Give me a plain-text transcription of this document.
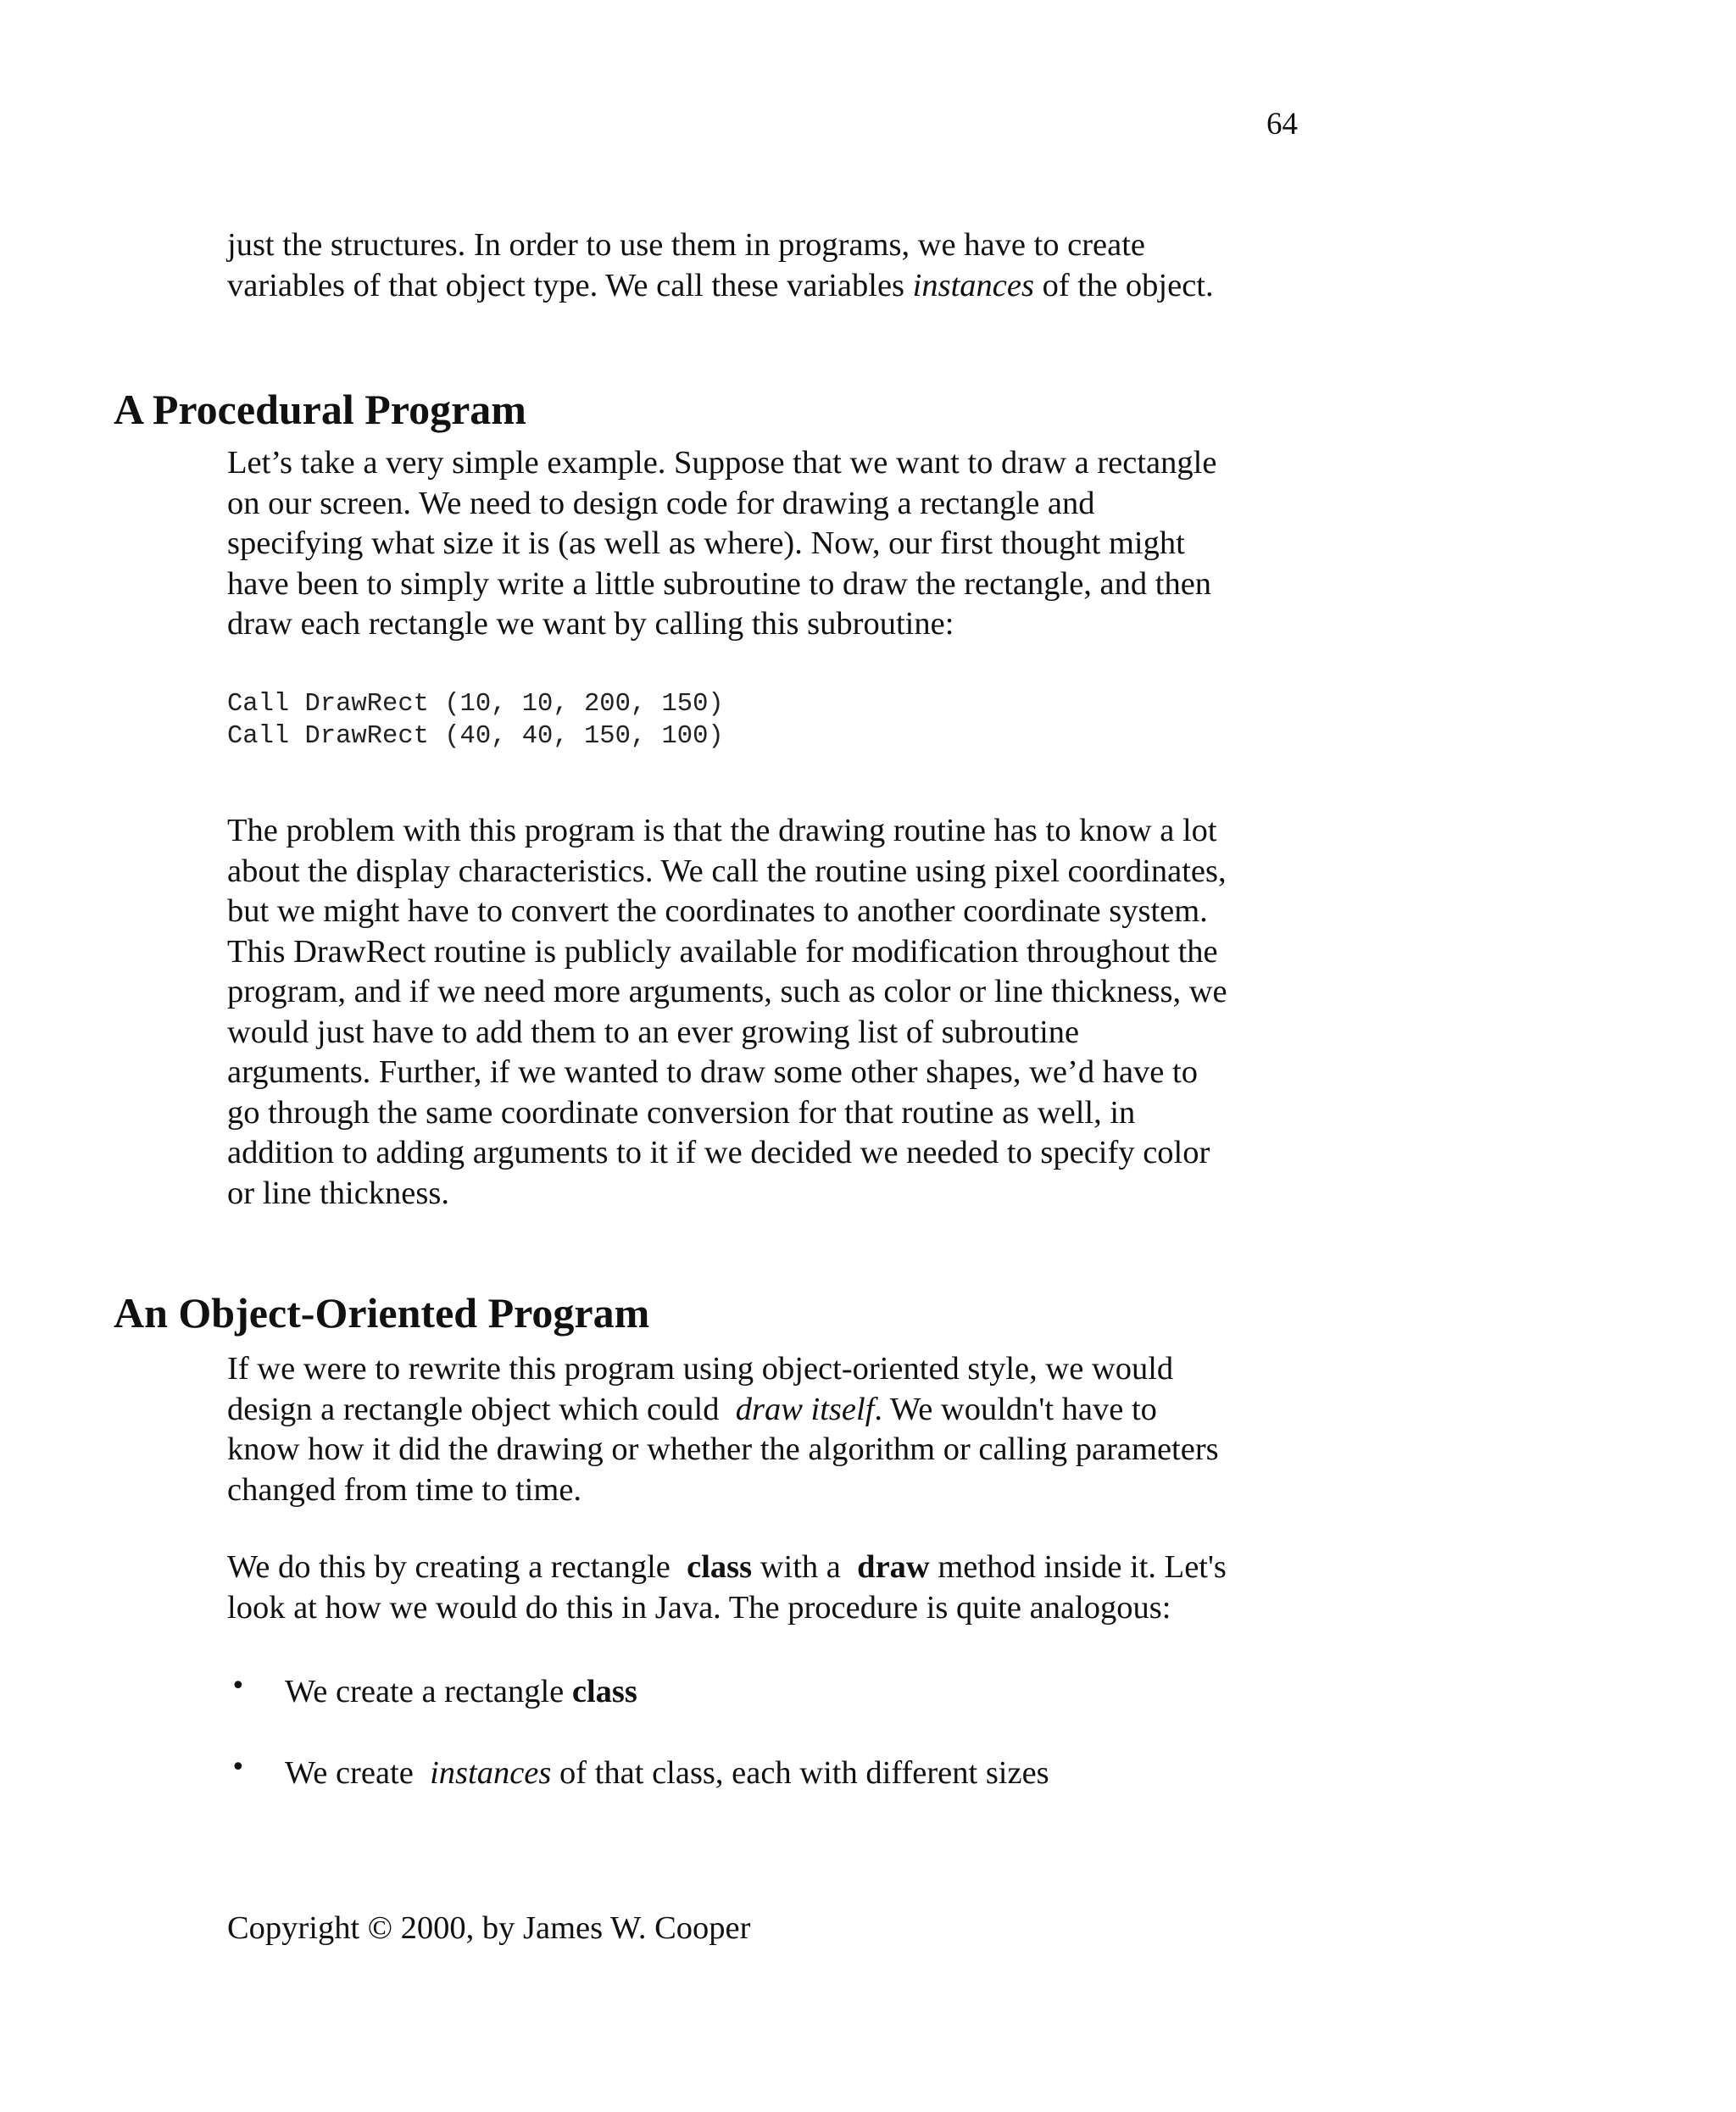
64

just the structures. In order to use them in programs, we have to create
variables of that object type. We call these variables instances of the object.

A Procedural Program

Let’s take a very simple example. Suppose that we want to draw a rectangle
on our screen. We need to design code for drawing a rectangle and
specifying what size it is (as well as where). Now, our first thought might
have been to simply write a little subroutine to draw the rectangle, and then
draw each rectangle we want by calling this subroutine:

Call DrawRect (10, 10, 200, 150)
Call DrawRect (40, 40, 150, 100)

The problem with this program is that the drawing routine has to know a lot
about the display characteristics. We call the routine using pixel coordinates,
but we might have to convert the coordinates to another coordinate system.
This DrawRect routine is publicly available for modification throughout the
program, and if we need more arguments, such as color or line thickness, we
would just have to add them to an ever growing list of subroutine
arguments. Further, if we wanted to draw some other shapes, we’d have to
go through the same coordinate conversion for that routine as well, in
addition to adding arguments to it if we decided we needed to specify color
or line thickness.

An Object-Oriented Program

If we were to rewrite this program using object-oriented style, we would
design a rectangle object which could  draw itself. We wouldn't have to
know how it did the drawing or whether the algorithm or calling parameters
changed from time to time.

We do this by creating a rectangle  class with a  draw method inside it. Let's
look at how we would do this in Java. The procedure is quite analogous:

• We create a rectangle class
• We create  instances of that class, each with different sizes
Copyright © 2000, by James W. Cooper
